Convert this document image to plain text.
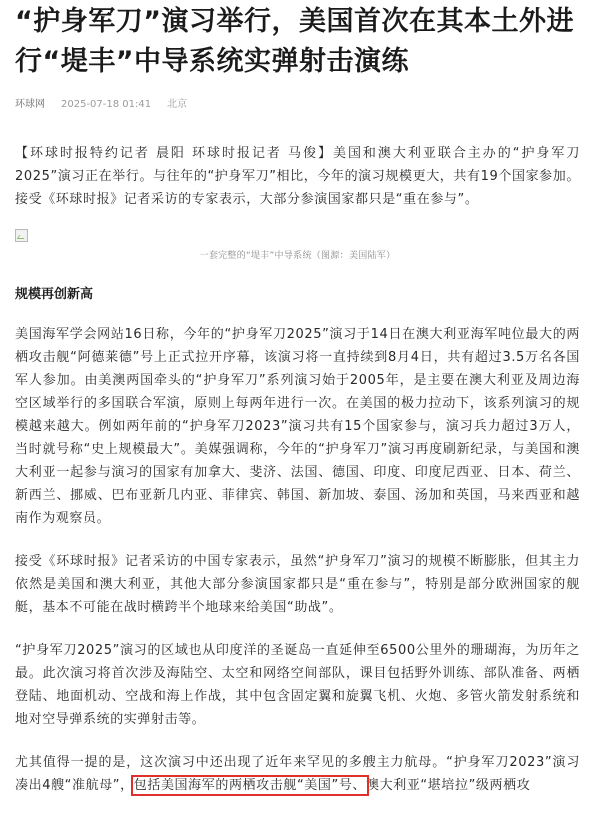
“护身军刀”演习举行，美国首次在其本土外进行“堤丰”中导系统实弹射击演练
环球网 2025-07-18 01:41 北京

【环球时报特约记者 晨阳 环球时报记者 马俊】美国和澳大利亚联合主办的“护身军刀2025”演习正在举行。与往年的“护身军刀”相比，今年的演习规模更大，共有19个国家参加。接受《环球时报》记者采访的专家表示，大部分参演国家都只是“重在参与”。

一套完整的“堤丰”中导系统（图源：美国陆军）
规模再创新高

美国海军学会网站16日称，今年的“护身军刀2025”演习于14日在澳大利亚海军吨位最大的两栖攻击舰“阿德莱德”号上正式拉开序幕，该演习将一直持续到8月4日，共有超过3.5万名各国军人参加。由美澳两国牵头的“护身军刀”系列演习始于2005年，是主要在澳大利亚及周边海空区域举行的多国联合军演，原则上每两年进行一次。在美国的极力拉动下，该系列演习的规模越来越大。例如两年前的“护身军刀2023”演习共有15个国家参与，演习兵力超过3万人，当时就号称“史上规模最大”。美媒强调称，今年的“护身军刀”演习再度刷新纪录，与美国和澳大利亚一起参与演习的国家有加拿大、斐济、法国、德国、印度、印度尼西亚、日本、荷兰、新西兰、挪威、巴布亚新几内亚、菲律宾、韩国、新加坡、泰国、汤加和英国，马来西亚和越南作为观察员。

接受《环球时报》记者采访的中国专家表示，虽然“护身军刀”演习的规模不断膨胀，但其主力依然是美国和澳大利亚，其他大部分参演国家都只是“重在参与”，特别是部分欧洲国家的舰艇，基本不可能在战时横跨半个地球来给美国“助战”。

“护身军刀2025”演习的区域也从印度洋的圣诞岛一直延伸至6500公里外的珊瑚海，为历年之最。此次演习将首次涉及海陆空、太空和网络空间部队，课目包括野外训练、部队准备、两栖登陆、地面机动、空战和海上作战，其中包含固定翼和旋翼飞机、火炮、多管火箭发射系统和地对空导弹系统的实弹射击等。

尤其值得一提的是，这次演习中还出现了近年来罕见的多艘主力航母。“护身军刀2023”演习凑出4艘“准航母”，包括美国海军的两栖攻击舰“美国”号、澳大利亚“堪培拉”级两栖攻
